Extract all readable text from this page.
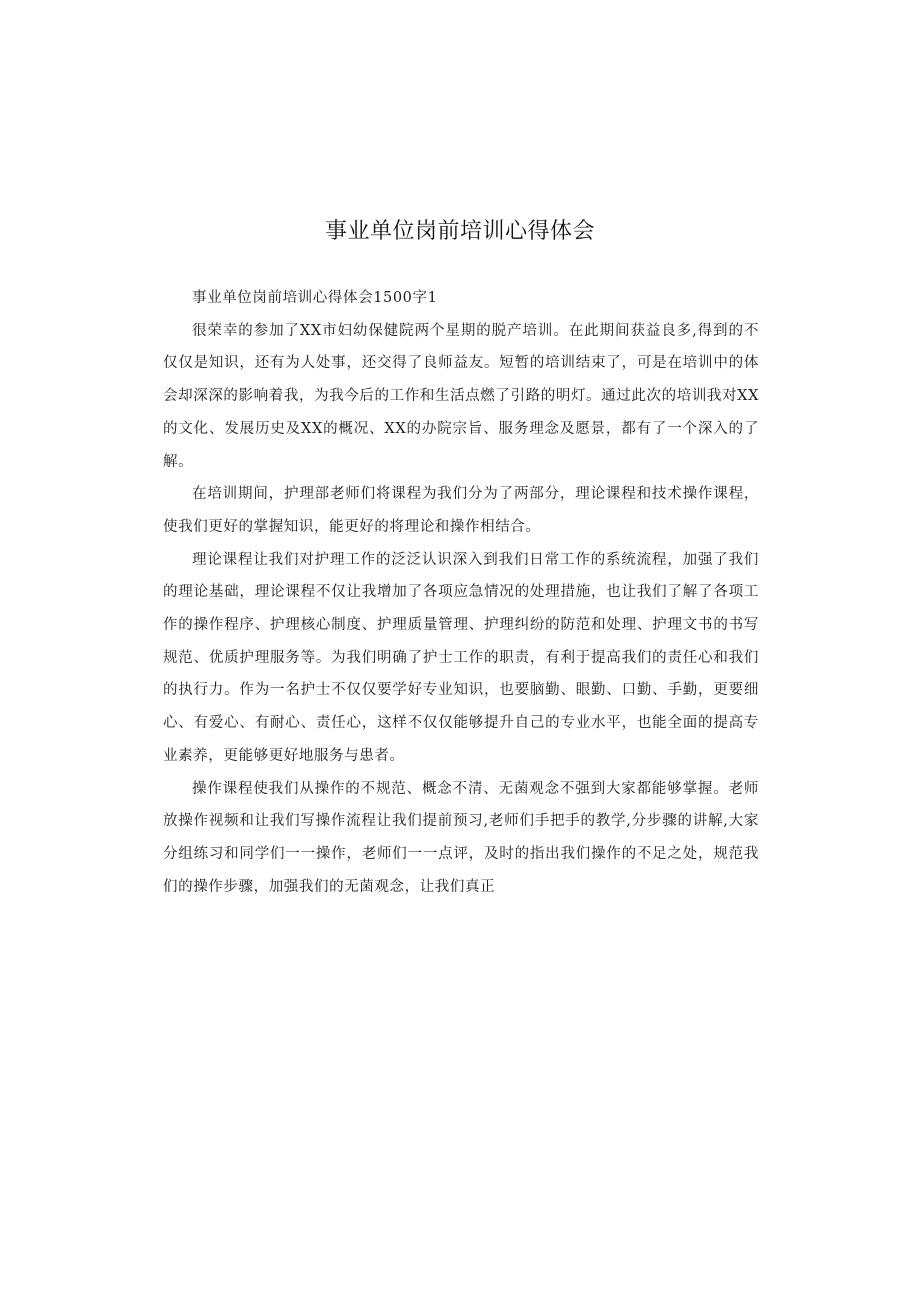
事业单位岗前培训心得体会

事业单位岗前培训心得体会1500字1

很荣幸的参加了XX市妇幼保健院两个星期的脱产培训。在此期间获益良多,得到的不仅仅是知识，还有为人处事，还交得了良师益友。短暂的培训结束了，可是在培训中的体会却深深的影响着我，为我今后的工作和生活点燃了引路的明灯。通过此次的培训我对XX的文化、发展历史及XX的概况、XX的办院宗旨、服务理念及愿景，都有了一个深入的了解。

在培训期间，护理部老师们将课程为我们分为了两部分，理论课程和技术操作课程，使我们更好的掌握知识，能更好的将理论和操作相结合。

理论课程让我们对护理工作的泛泛认识深入到我们日常工作的系统流程，加强了我们的理论基础，理论课程不仅让我增加了各项应急情况的处理措施，也让我们了解了各项工作的操作程序、护理核心制度、护理质量管理、护理纠纷的防范和处理、护理文书的书写规范、优质护理服务等。为我们明确了护士工作的职责，有利于提高我们的责任心和我们的执行力。作为一名护士不仅仅要学好专业知识，也要脑勤、眼勤、口勤、手勤，更要细心、有爱心、有耐心、责任心，这样不仅仅能够提升自己的专业水平，也能全面的提高专业素养，更能够更好地服务与患者。

操作课程使我们从操作的不规范、概念不清、无菌观念不强到大家都能够掌握。老师放操作视频和让我们写操作流程让我们提前预习,老师们手把手的教学,分步骤的讲解,大家分组练习和同学们一一操作，老师们一一点评，及时的指出我们操作的不足之处，规范我们的操作步骤，加强我们的无菌观念，让我们真正
